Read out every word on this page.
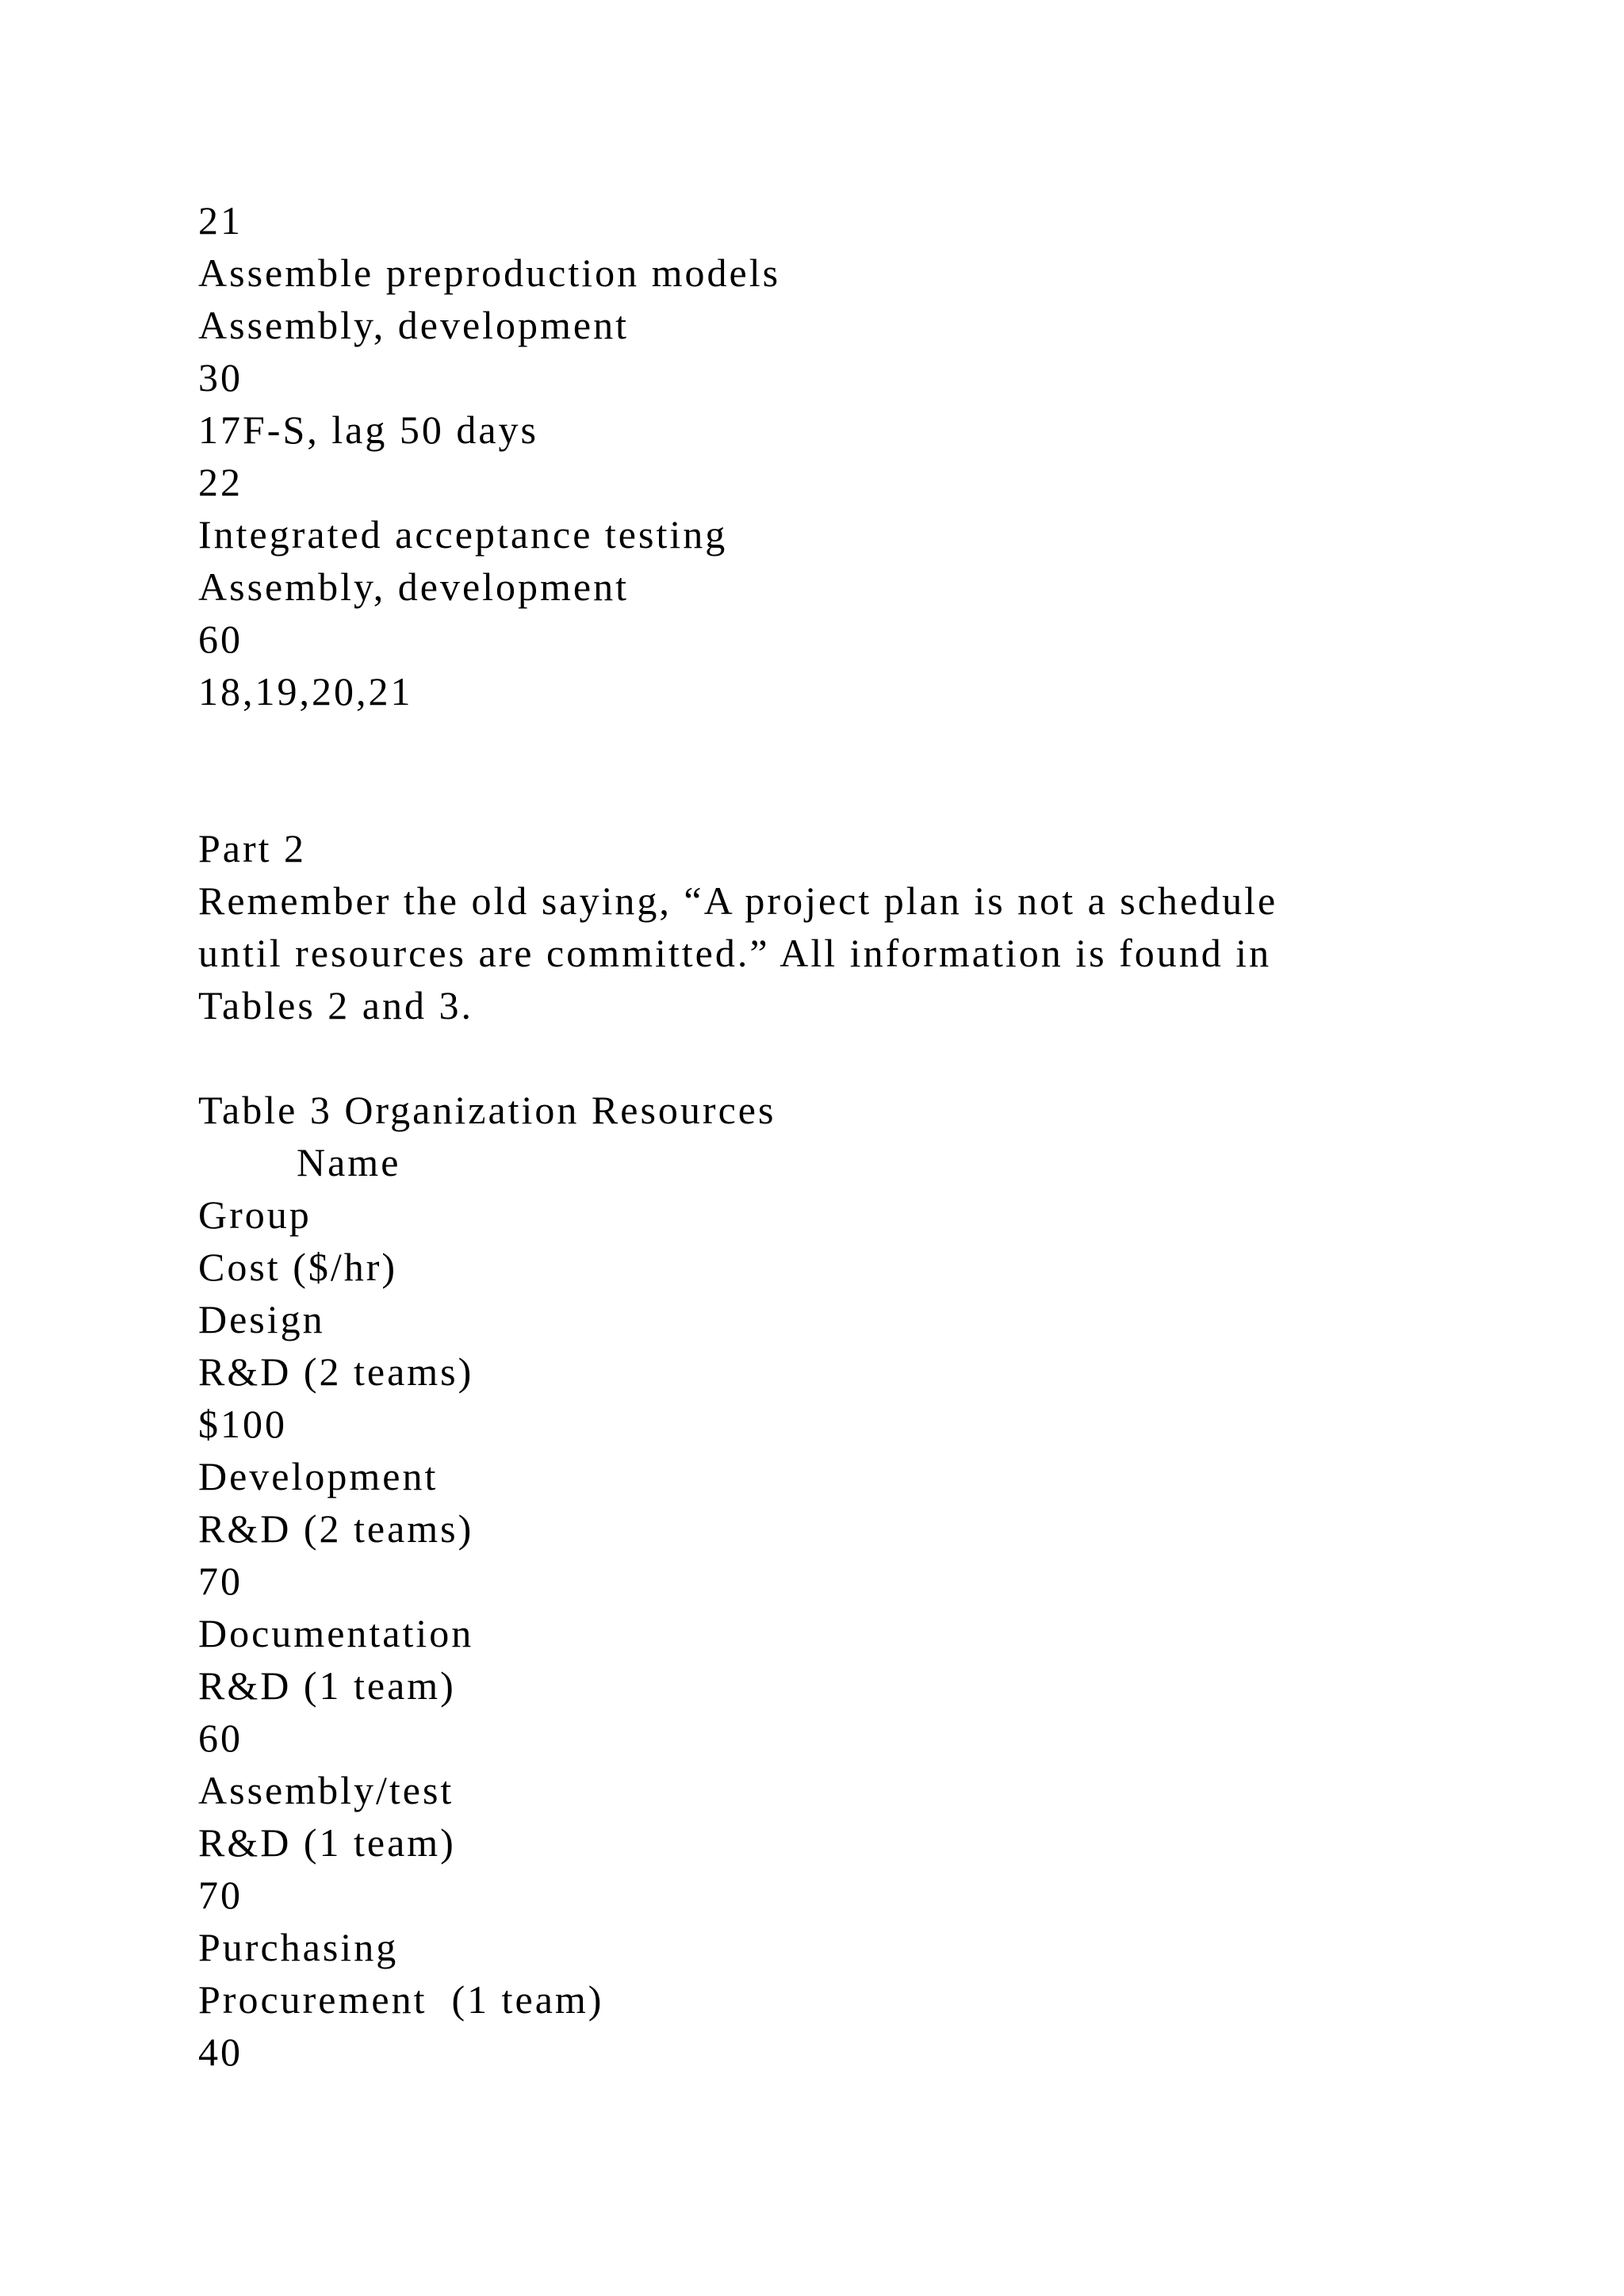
21
Assemble preproduction models
Assembly, development
30
17F-S, lag 50 days
22
Integrated acceptance testing
Assembly, development
60
18,19,20,21
Part 2
Remember the old saying, “A project plan is not a schedule
until resources are committed.” All information is found in
Tables 2 and 3.
Table 3 Organization Resources
Name
Group
Cost ($/hr)
Design
R&D (2 teams)
$100
Development
R&D (2 teams)
70
Documentation
R&D (1 team)
60
Assembly/test
R&D (1 team)
70
Purchasing
Procurement  (1 team)
40
